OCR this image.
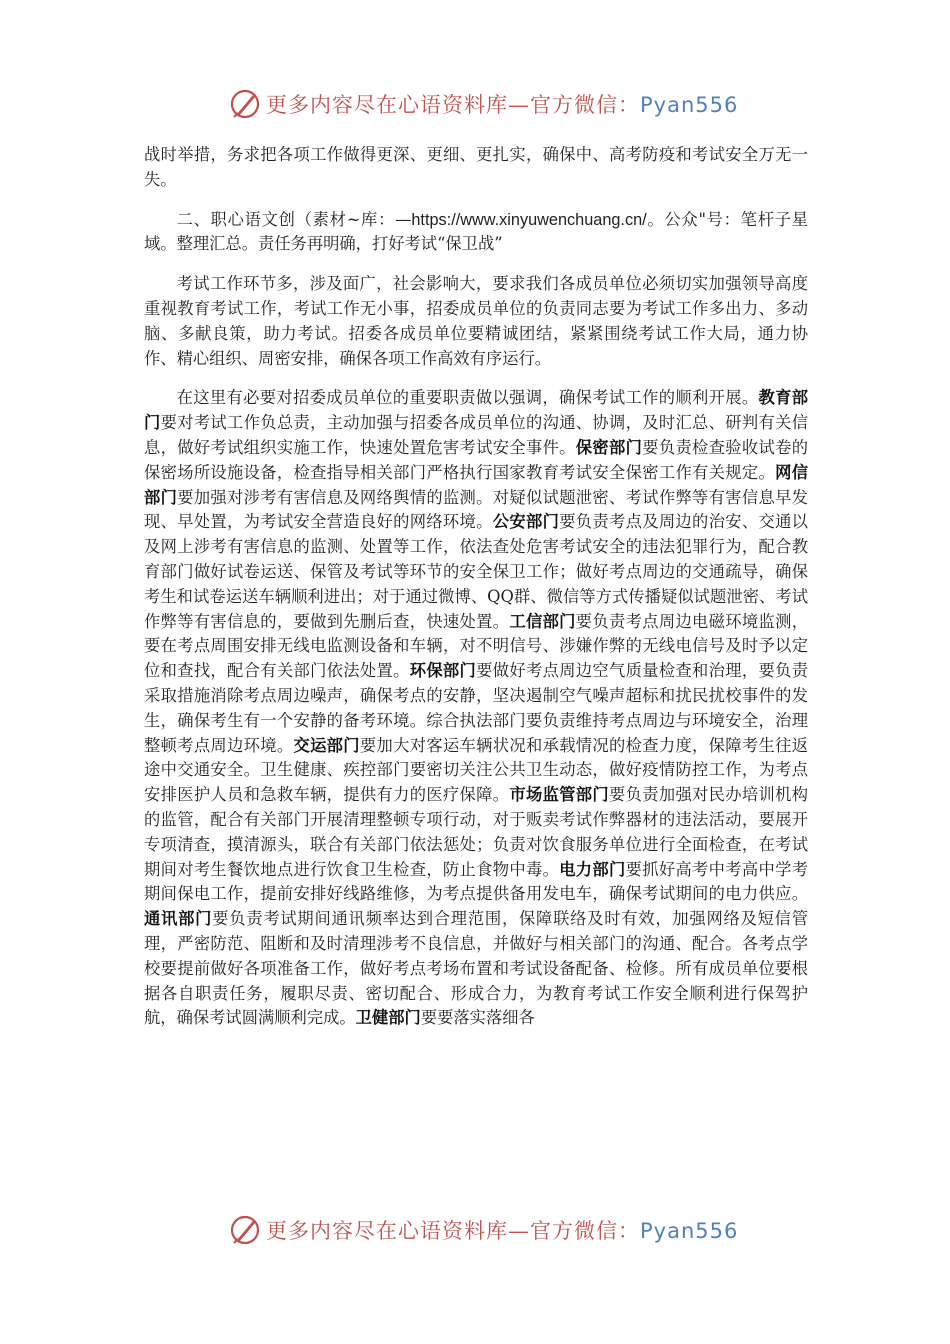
更多内容尽在心语资料库—官方微信：Pyan556

战时举措，务求把各项工作做得更深、更细、更扎实，确保中、高考防疫和考试安全万无一失。

二、职心语文创（素材~库：—https://www.xinyuwenchuang.cn/。公众"号：笔杆子星域。整理汇总。责任务再明确，打好考试“保卫战”

考试工作环节多，涉及面广，社会影响大，要求我们各成员单位必须切实加强领导高度重视教育考试工作，考试工作无小事，招委成员单位的负责同志要为考试工作多出力、多动脑、多献良策，助力考试。招委各成员单位要精诚团结，紧紧围绕考试工作大局，通力协作、精心组织、周密安排，确保各项工作高效有序运行。

在这里有必要对招委成员单位的重要职责做以强调，确保考试工作的顺利开展。教育部门要对考试工作负总责，主动加强与招委各成员单位的沟通、协调，及时汇总、研判有关信息，做好考试组织实施工作，快速处置危害考试安全事件。保密部门要负责检查验收试卷的保密场所设施设备，检查指导相关部门严格执行国家教育考试安全保密工作有关规定。网信部门要加强对涉考有害信息及网络舆情的监测。对疑似试题泄密、考试作弊等有害信息早发现、早处置，为考试安全营造良好的网络环境。公安部门要负责考点及周边的治安、交通以及网上涉考有害信息的监测、处置等工作，依法查处危害考试安全的违法犯罪行为，配合教育部门做好试卷运送、保管及考试等环节的安全保卫工作；做好考点周边的交通疏导，确保考生和试卷运送车辆顺利进出；对于通过微博、QQ群、微信等方式传播疑似试题泄密、考试作弊等有害信息的，要做到先删后查，快速处置。工信部门要负责考点周边电磁环境监测，要在考点周围安排无线电监测设备和车辆，对不明信号、涉嫌作弊的无线电信号及时予以定位和查找，配合有关部门依法处置。环保部门要做好考点周边空气质量检查和治理，要负责采取措施消除考点周边噪声，确保考点的安静，坚决遏制空气噪声超标和扰民扰校事件的发生，确保考生有一个安静的备考环境。综合执法部门要负责维持考点周边与环境安全，治理整顿考点周边环境。交运部门要加大对客运车辆状况和承载情况的检查力度，保障考生往返途中交通安全。卫生健康、疾控部门要密切关注公共卫生动态，做好疫情防控工作，为考点安排医护人员和急救车辆，提供有力的医疗保障。市场监管部门要负责加强对民办培训机构的监管，配合有关部门开展清理整顿专项行动，对于贩卖考试作弊器材的违法活动，要展开专项清查，摸清源头，联合有关部门依法惩处；负责对饮食服务单位进行全面检查，在考试期间对考生餐饮地点进行饮食卫生检查，防止食物中毒。电力部门要抓好高考中考高中学考期间保电工作，提前安排好线路维修，为考点提供备用发电车，确保考试期间的电力供应。通讯部门要负责考试期间通讯频率达到合理范围，保障联络及时有效，加强网络及短信管理，严密防范、阻断和及时清理涉考不良信息，并做好与相关部门的沟通、配合。各考点学校要提前做好各项准备工作，做好考点考场布置和考试设备配备、检修。所有成员单位要根据各自职责任务，履职尽责、密切配合、形成合力，为教育考试工作安全顺利进行保驾护航，确保考试圆满顺利完成。卫健部门要要落实落细各

更多内容尽在心语资料库—官方微信：Pyan556
